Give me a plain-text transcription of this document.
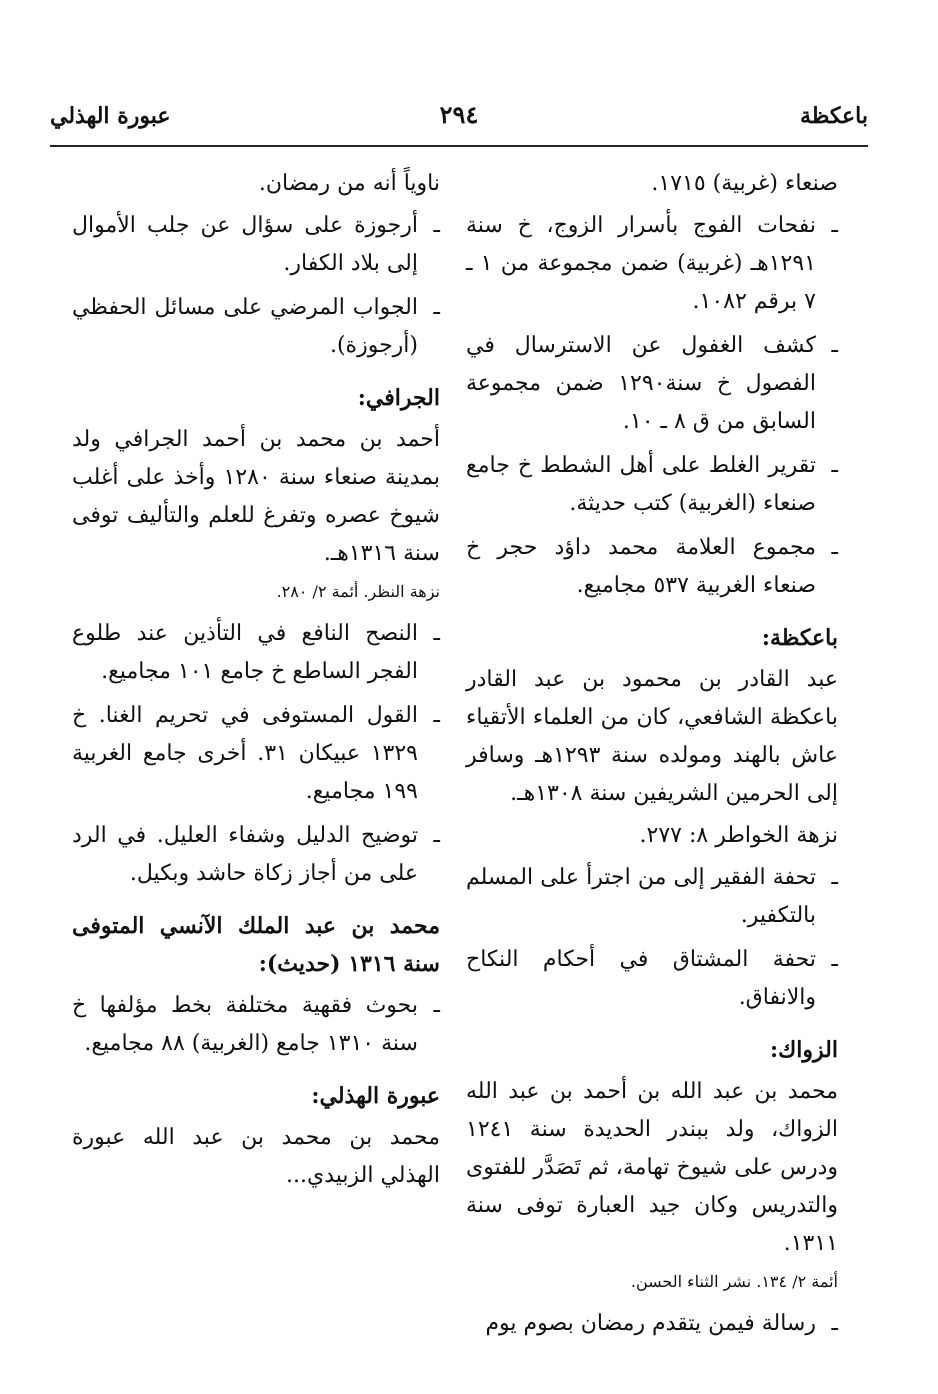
باعكظة
٢٩٤
عبورة الهذلي
صنعاء (غربية) ١٧١٥.
ـ نفحات الفوج بأسرار الزوج، خ سنة ١٢٩١هـ (غربية) ضمن مجموعة من ١ ـ ٧ برقم ١٠٨٢.
ـ كشف الغفول عن الاسترسال في الفصول خ سنة١٢٩٠ ضمن مجموعة السابق من ق ٨ ـ ١٠.
ـ تقرير الغلط على أهل الشطط خ جامع صنعاء (الغربية) كتب حديثة.
ـ مجموع العلامة محمد داؤد حجر خ صنعاء الغربية ٥٣٧ مجاميع.
باعكظة:
عبد القادر بن محمود بن عبد القادر باعكظة الشافعي، كان من العلماء الأتقياء عاش بالهند ومولده سنة ١٢٩٣هـ وسافر إلى الحرمين الشريفين سنة ١٣٠٨هـ.
نزهة الخواطر ٨: ٢٧٧.
ـ تحفة الفقير إلى من اجترأ على المسلم بالتكفير.
ـ تحفة المشتاق في أحكام النكاح والانفاق.
الزواك:
محمد بن عبد الله بن أحمد بن عبد الله الزواك، ولد ببندر الحديدة سنة ١٢٤١ ودرس على شيوخ تهامة، ثم تَصَدَّر للفتوى والتدريس وكان جيد العبارة توفى سنة ١٣١١.
أئمة ٢/ ١٣٤. نشر الثناء الحسن.
ـ رسالة فيمن يتقدم رمضان بصوم يوم
ناوياً أنه من رمضان.
ـ أرجوزة على سؤال عن جلب الأموال إلى بلاد الكفار.
ـ الجواب المرضي على مسائل الحفظي (أرجوزة).
الجرافي:
أحمد بن محمد بن أحمد الجرافي ولد بمدينة صنعاء سنة ١٢٨٠ وأخذ على أغلب شيوخ عصره وتفرغ للعلم والتأليف توفى سنة ١٣١٦هـ.
نزهة النظر. أئمة ٢/ ٢٨٠.
ـ النصح النافع في التأذين عند طلوع الفجر الساطع خ جامع ١٠١ مجاميع.
ـ القول المستوفى في تحريم الغنا. خ ١٣٢٩ عبيكان ٣١. أخرى جامع الغربية ١٩٩ مجاميع.
ـ توضيح الدليل وشفاء العليل. في الرد على من أجاز زكاة حاشد وبكيل.
محمد بن عبد الملك الآنسي المتوفى سنة ١٣١٦ (حديث):
ـ بحوث فقهية مختلفة بخط مؤلفها خ سنة ١٣١٠ جامع (الغربية) ٨٨ مجاميع.
عبورة الهذلي:
محمد بن محمد بن عبد الله عبورة الهذلي الزبيدي...
